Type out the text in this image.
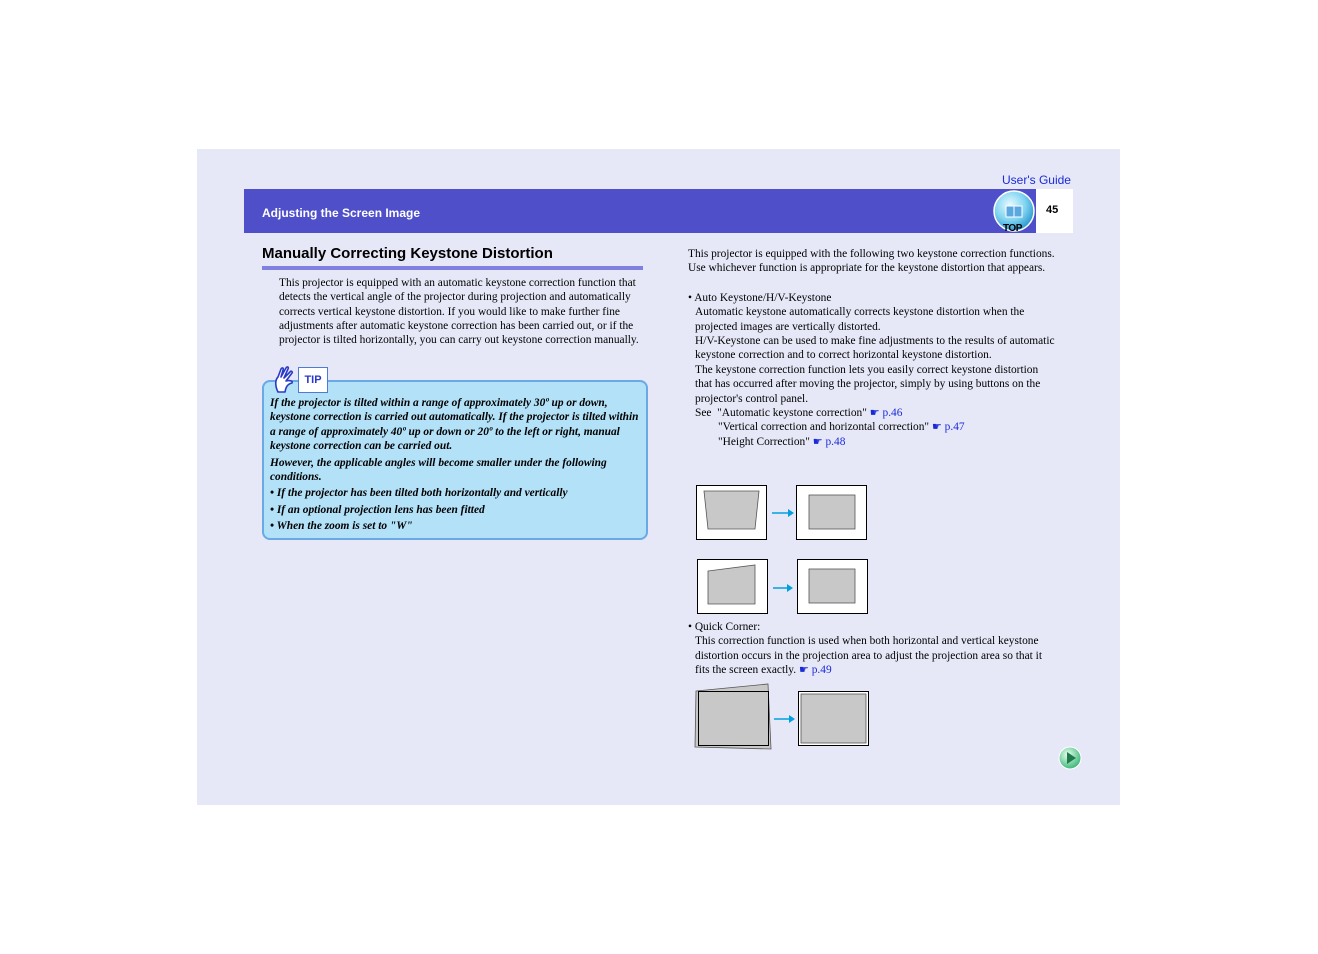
User's Guide
Adjusting the Screen Image
TOP
45
Manually Correcting Keystone Distortion
This projector is equipped with an automatic keystone correction function that detects the vertical angle of the projector during projection and automatically corrects vertical keystone distortion. If you would like to make further fine adjustments after automatic keystone correction has been carried out, or if the projector is tilted horizontally, you can carry out keystone correction manually.
TIP

If the projector is tilted within a range of approximately 30º up or down, keystone correction is carried out automatically. If the projector is tilted within a range of approximately 40º up or down or 20º to the left or right, manual keystone correction can be carried out.

However, the applicable angles will become smaller under the following conditions.

• If the projector has been tilted both horizontally and vertically

• If an optional projection lens has been fitted

• When the zoom is set to "W"

This projector is equipped with the following two keystone correction functions. Use whichever function is appropriate for the keystone distortion that appears.

• Auto Keystone/H/V-Keystone

Automatic keystone automatically corrects keystone distortion when the projected images are vertically distorted.

H/V-Keystone can be used to make fine adjustments to the results of automatic keystone correction and to correct horizontal keystone distortion.

The keystone correction function lets you easily correct keystone distortion that has occurred after moving the projector, simply by using buttons on the projector's control panel.

See "Automatic keystone correction" ☛ p.46

"Vertical correction and horizontal correction" ☛ p.47

"Height Correction" ☛ p.48

• Quick Corner:

This correction function is used when both horizontal and vertical keystone distortion occurs in the projection area to adjust the projection area so that it fits the screen exactly. ☛ p.49
